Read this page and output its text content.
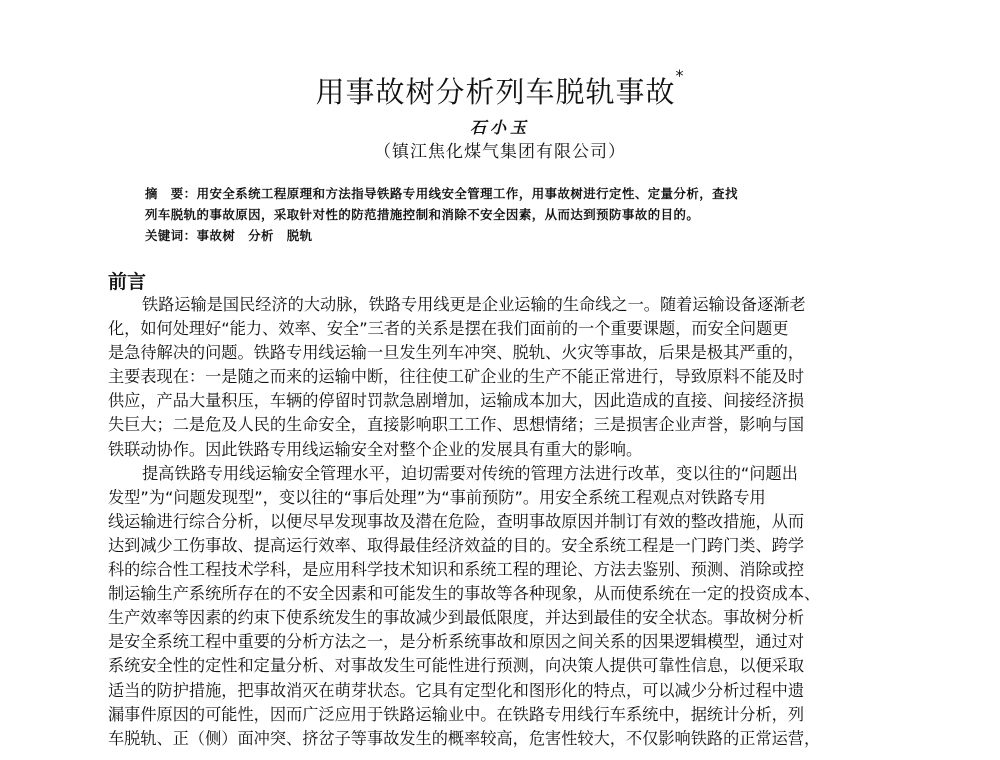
用事故树分析列车脱轨事故*
石小玉
（镇江焦化煤气集团有限公司）
摘　要：用安全系统工程原理和方法指导铁路专用线安全管理工作，用事故树进行定性、定量分析，查找
列车脱轨的事故原因，采取针对性的防范措施控制和消除不安全因素，从而达到预防事故的目的。
关键词：事故树　分析　脱轨
前言
铁路运输是国民经济的大动脉，铁路专用线更是企业运输的生命线之一。随着运输设备逐渐老
化，如何处理好“能力、效率、安全”三者的关系是摆在我们面前的一个重要课题，而安全问题更
是急待解决的问题。铁路专用线运输一旦发生列车冲突、脱轨、火灾等事故，后果是极其严重的，
主要表现在：一是随之而来的运输中断，往往使工矿企业的生产不能正常进行，导致原料不能及时
供应，产品大量积压，车辆的停留时罚款急剧增加，运输成本加大，因此造成的直接、间接经济损
失巨大；二是危及人民的生命安全，直接影响职工工作、思想情绪；三是损害企业声誉，影响与国
铁联动协作。因此铁路专用线运输安全对整个企业的发展具有重大的影响。
提高铁路专用线运输安全管理水平，迫切需要对传统的管理方法进行改革，变以往的“问题出
发型”为“问题发现型”，变以往的“事后处理”为“事前预防”。用安全系统工程观点对铁路专用
线运输进行综合分析，以便尽早发现事故及潜在危险，查明事故原因并制订有效的整改措施，从而
达到减少工伤事故、提高运行效率、取得最佳经济效益的目的。安全系统工程是一门跨门类、跨学
科的综合性工程技术学科，是应用科学技术知识和系统工程的理论、方法去鉴别、预测、消除或控
制运输生产系统所存在的不安全因素和可能发生的事故等各种现象，从而使系统在一定的投资成本、
生产效率等因素的约束下使系统发生的事故减少到最低限度，并达到最佳的安全状态。事故树分析
是安全系统工程中重要的分析方法之一，是分析系统事故和原因之间关系的因果逻辑模型，通过对
系统安全性的定性和定量分析、对事故发生可能性进行预测，向决策人提供可靠性信息，以便采取
适当的防护措施，把事故消灭在萌芽状态。它具有定型化和图形化的特点，可以减少分析过程中遗
漏事件原因的可能性，因而广泛应用于铁路运输业中。在铁路专用线行车系统中，据统计分析，列
车脱轨、正（侧）面冲突、挤岔子等事故发生的概率较高，危害性较大，不仅影响铁路的正常运营，
